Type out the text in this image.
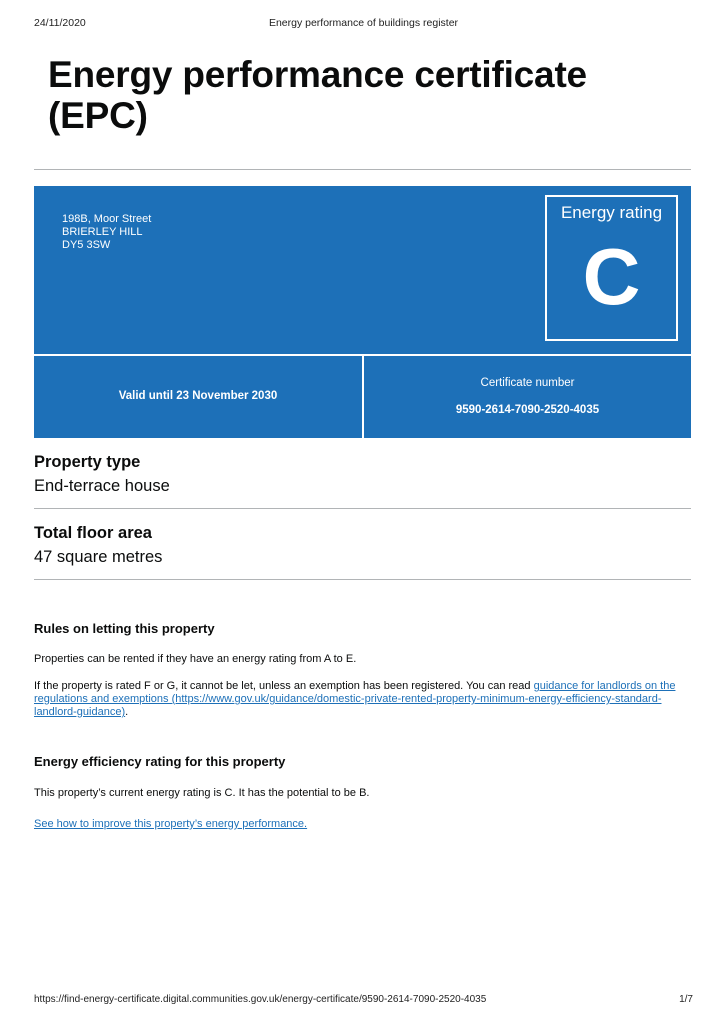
24/11/2020	Energy performance of buildings register
Energy performance certificate (EPC)
198B, Moor Street
BRIERLEY HILL
DY5 3SW
Energy rating
C
Valid until 23 November 2030
Certificate number
9590-2614-7090-2520-4035
Property type

End-terrace house

Total floor area

47 square metres

Rules on letting this property

Properties can be rented if they have an energy rating from A to E.

If the property is rated F or G, it cannot be let, unless an exemption has been registered. You can read guidance for landlords on the regulations and exemptions (https://www.gov.uk/guidance/domestic-private-rented-property-minimum-energy-efficiency-standard-landlord-guidance).

Energy efficiency rating for this property

This property’s current energy rating is C. It has the potential to be B.

See how to improve this property’s energy performance.

https://find-energy-certificate.digital.communities.gov.uk/energy-certificate/9590-2614-7090-2520-4035	1/7
